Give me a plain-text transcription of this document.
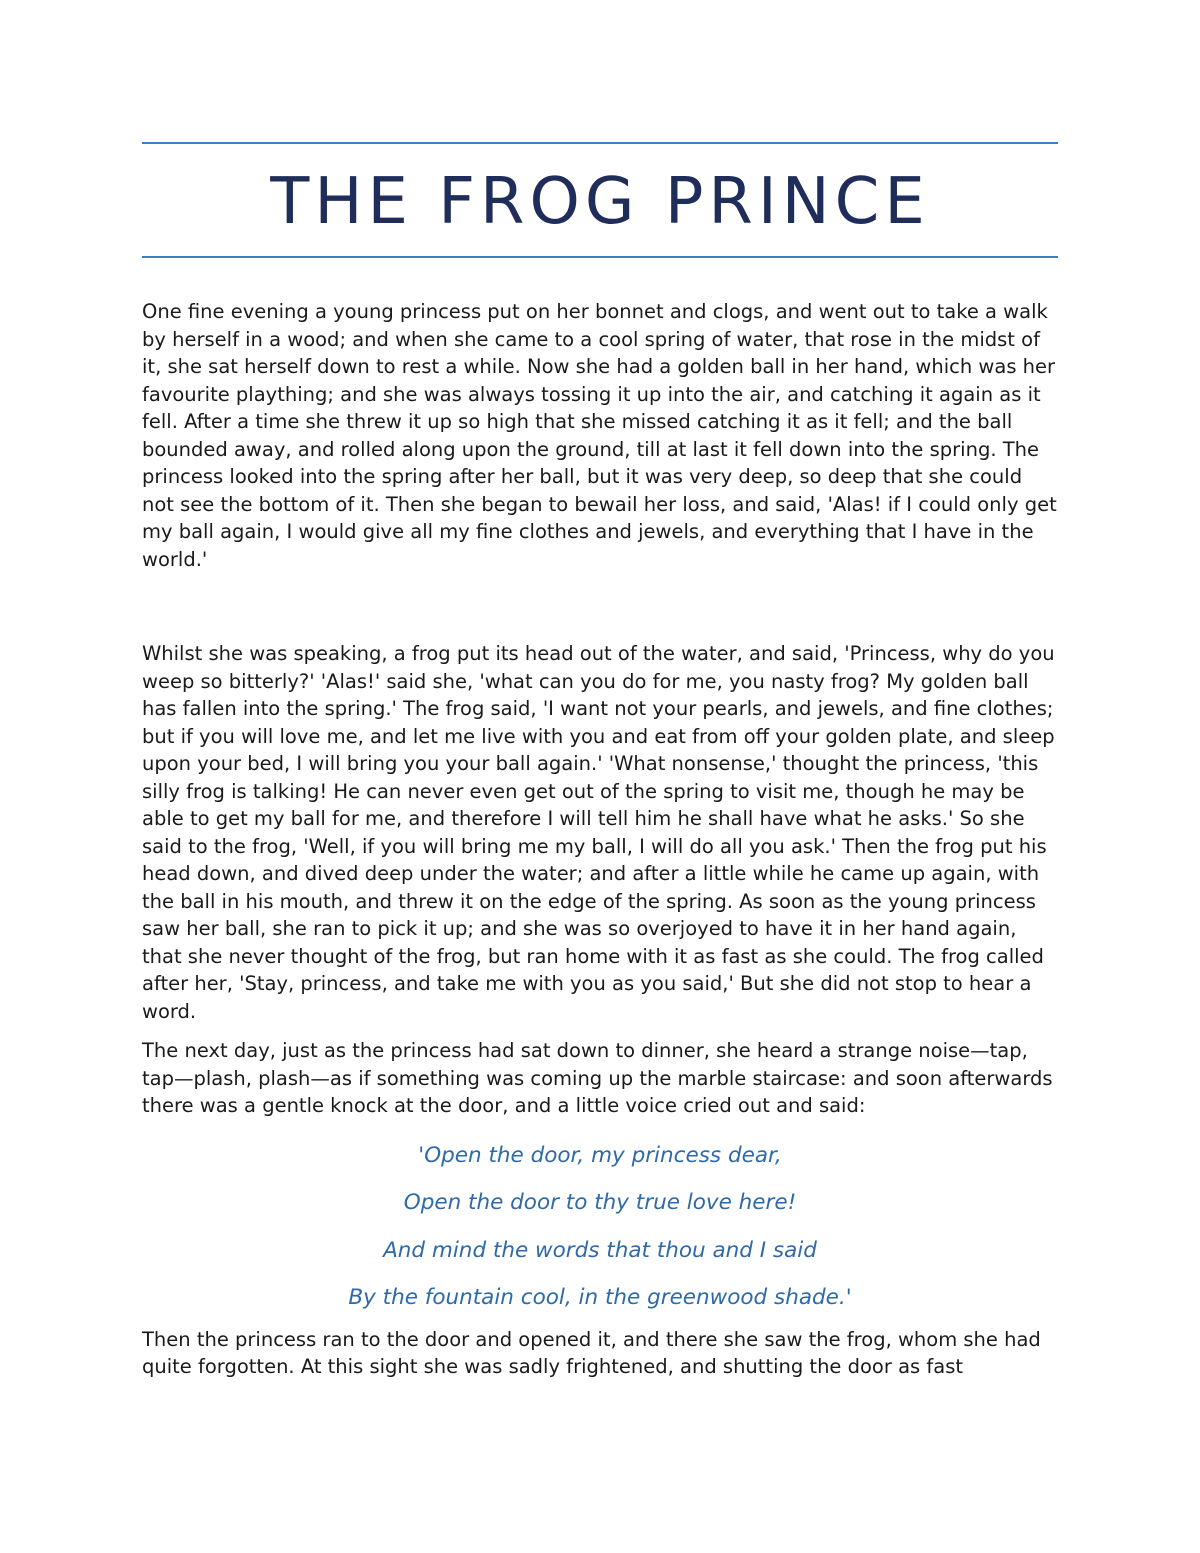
THE FROG PRINCE

One fine evening a young princess put on her bonnet and clogs, and went out to take a walk by herself in a wood; and when she came to a cool spring of water, that rose in the midst of it, she sat herself down to rest a while. Now she had a golden ball in her hand, which was her favourite plaything; and she was always tossing it up into the air, and catching it again as it fell. After a time she threw it up so high that she missed catching it as it fell; and the ball bounded away, and rolled along upon the ground, till at last it fell down into the spring. The princess looked into the spring after her ball, but it was very deep, so deep that she could not see the bottom of it. Then she began to bewail her loss, and said, 'Alas! if I could only get my ball again, I would give all my fine clothes and jewels, and everything that I have in the world.'

Whilst she was speaking, a frog put its head out of the water, and said, 'Princess, why do you weep so bitterly?' 'Alas!' said she, 'what can you do for me, you nasty frog? My golden ball has fallen into the spring.' The frog said, 'I want not your pearls, and jewels, and fine clothes; but if you will love me, and let me live with you and eat from off your golden plate, and sleep upon your bed, I will bring you your ball again.' 'What nonsense,' thought the princess, 'this silly frog is talking! He can never even get out of the spring to visit me, though he may be able to get my ball for me, and therefore I will tell him he shall have what he asks.' So she said to the frog, 'Well, if you will bring me my ball, I will do all you ask.' Then the frog put his head down, and dived deep under the water; and after a little while he came up again, with the ball in his mouth, and threw it on the edge of the spring. As soon as the young princess saw her ball, she ran to pick it up; and she was so overjoyed to have it in her hand again, that she never thought of the frog, but ran home with it as fast as she could. The frog called after her, 'Stay, princess, and take me with you as you said,' But she did not stop to hear a word.

The next day, just as the princess had sat down to dinner, she heard a strange noise—tap, tap—plash, plash—as if something was coming up the marble staircase: and soon afterwards there was a gentle knock at the door, and a little voice cried out and said:

'Open the door, my princess dear,

Open the door to thy true love here!

And mind the words that thou and I said

By the fountain cool, in the greenwood shade.'

Then the princess ran to the door and opened it, and there she saw the frog, whom she had quite forgotten. At this sight she was sadly frightened, and shutting the door as fast
